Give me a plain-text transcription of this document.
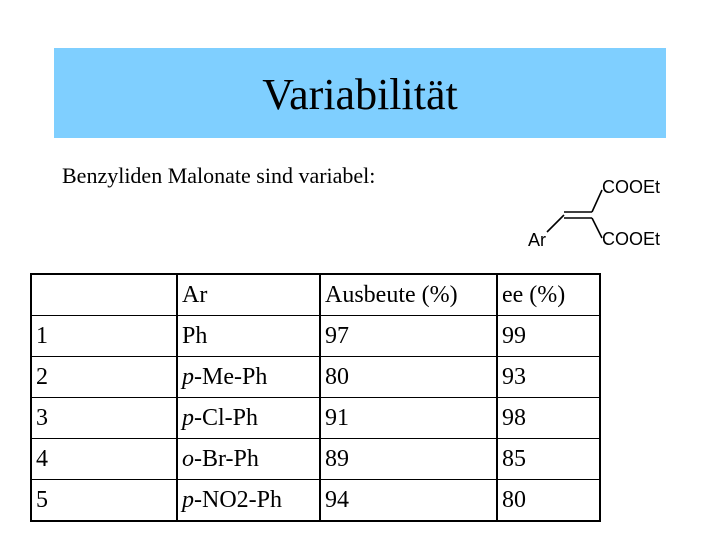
Variabilität
Benzyliden Malonate sind variabel:	COOEt
COOEt
Ar
	Ar	Ausbeute (%)	ee (%)
1	Ph	97	99
2	p-Me-Ph	80	93
3	p-Cl-Ph	91	98
4	o-Br-Ph	89	85
5	p-NO2-Ph	94	80
